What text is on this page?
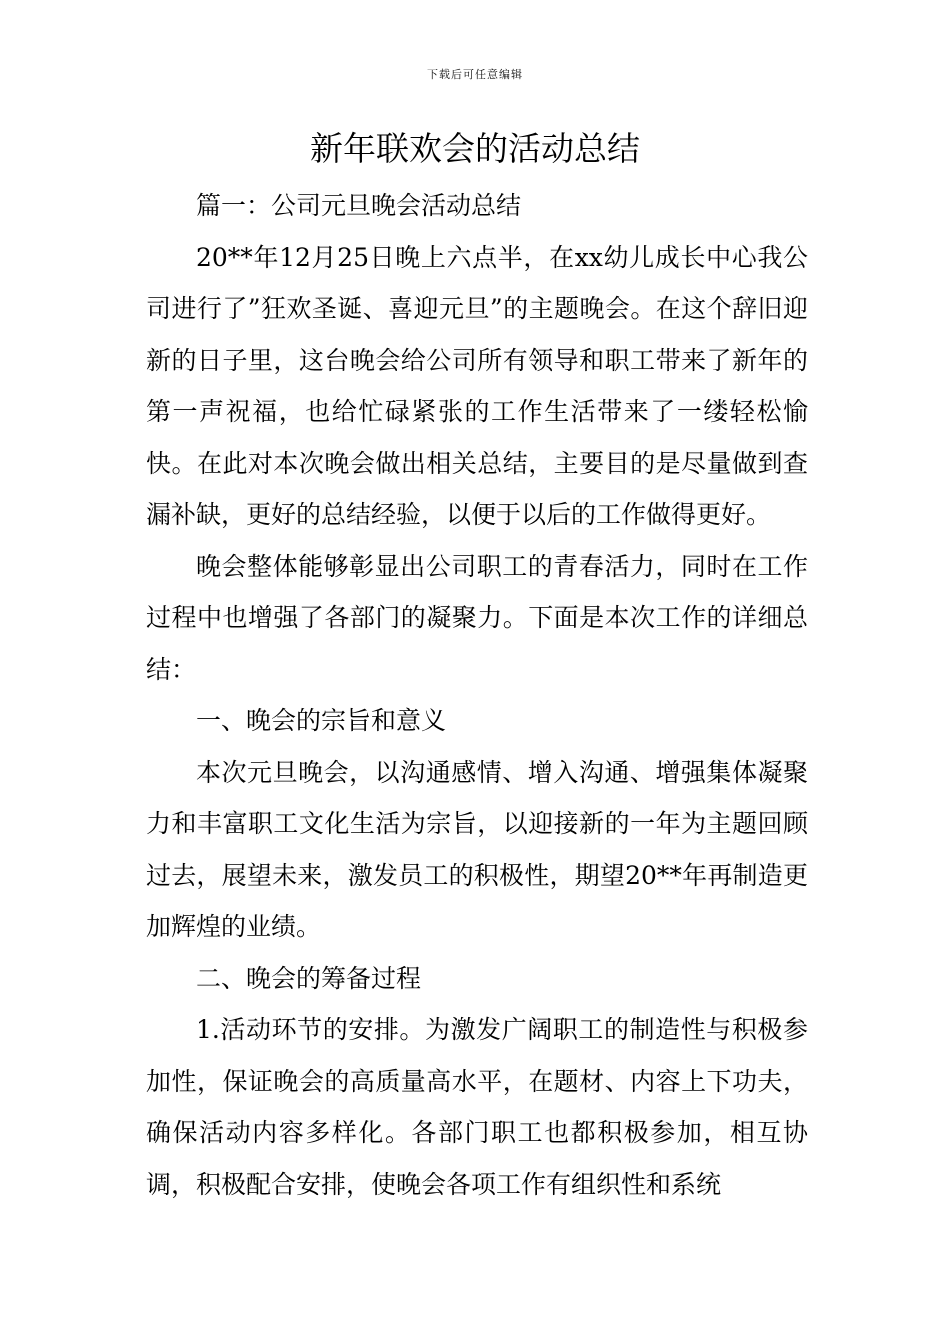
下载后可任意编辑
新年联欢会的活动总结
篇一：公司元旦晚会活动总结
20**年12月25日晚上六点半，在xx幼儿成长中心我公司进行了”狂欢圣诞、喜迎元旦”的主题晚会。在这个辞旧迎新的日子里，这台晚会给公司所有领导和职工带来了新年的第一声祝福，也给忙碌紧张的工作生活带来了一缕轻松愉快。在此对本次晚会做出相关总结，主要目的是尽量做到查漏补缺，更好的总结经验，以便于以后的工作做得更好。
晚会整体能够彰显出公司职工的青春活力，同时在工作过程中也增强了各部门的凝聚力。下面是本次工作的详细总结：
一、晚会的宗旨和意义
本次元旦晚会，以沟通感情、增入沟通、增强集体凝聚力和丰富职工文化生活为宗旨，以迎接新的一年为主题回顾过去，展望未来，激发员工的积极性，期望20**年再制造更加辉煌的业绩。
二、晚会的筹备过程
1.活动环节的安排。为激发广阔职工的制造性与积极参加性，保证晚会的高质量高水平，在题材、内容上下功夫，确保活动内容多样化。各部门职工也都积极参加，相互协调，积极配合安排，使晚会各项工作有组织性和系统
